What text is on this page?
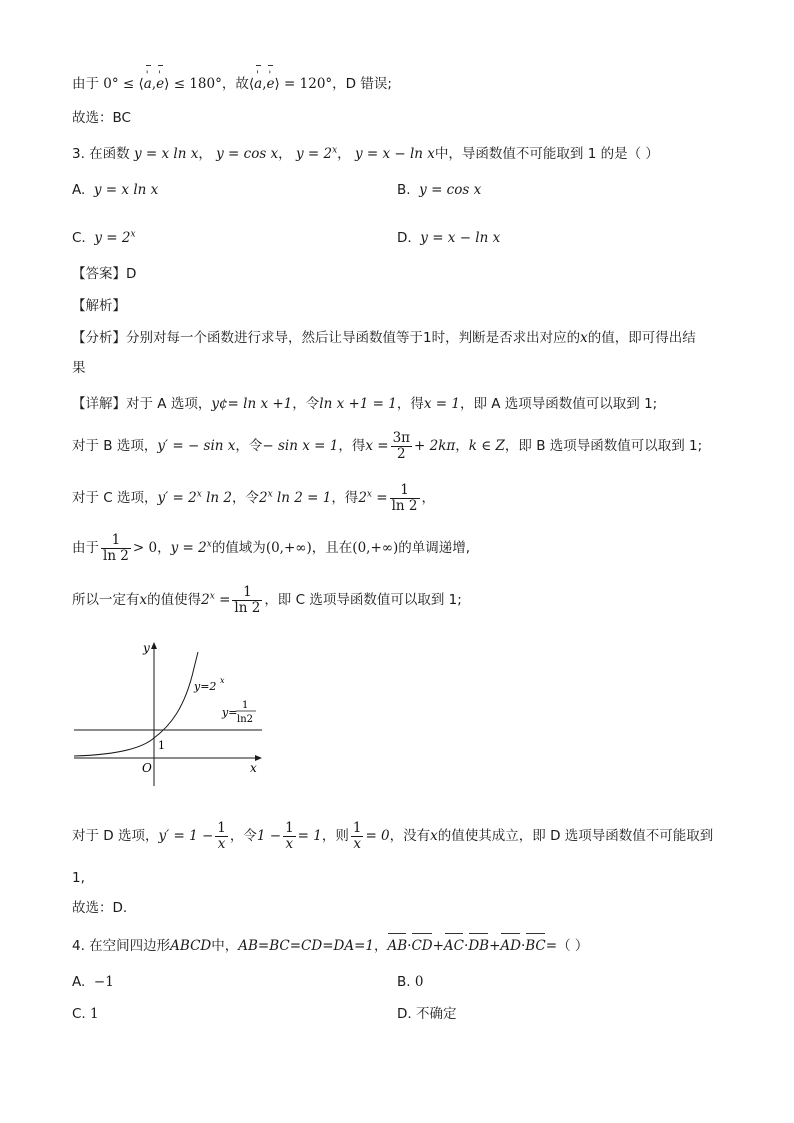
由于 0° ≤ ⟨' a,' e⟩ ≤ 180°，故⟨' a,' e⟩ = 120°，D 错误;
故选：BC
3. 在函数 y = x ln x， y = cos x， $y = 2^x$， y = x − ln x中，导函数值不可能取到 1 的是（ ）
A. y = x ln x	B. y = cos x
C. $y = 2^x$	D. y = x − ln x
【答案】D
【解析】
【分析】分别对每一个函数进行求导，然后让导函数值等于1时，判断是否求出对应的x的值，即可得出结
果
【详解】对于 A 选项，y¢= ln x +1，令ln x +1 = 1，得x = 1，即 A 选项导函数值可以取到 1;
对于 B 选项，y′ = − sin x，令− sin x = 1，得$x = \frac{3\pi}{2} + 2k\pi$，k ∈ Z，即 B 选项导函数值可以取到 1;
对于 C 选项，$y' = 2^x$ ln 2，令2$^x$ ln 2 = 1，得$2^x = \frac{1}{\ln 2}$ ，
由于 $\frac{1}{\ln 2} > 0$，$y = 2^x$的值域为(0,+∞)，且在(0,+∞)的单调递增,
所以一定有x的值使得$2^x = \frac{1}{\ln 2}$ ，即 C 选项导函数值可以取到 1;
y
x
O
1
y=2 x
y=
1
ln2
对于 D 选项，$y' = 1 - \frac{1}{x}$ ，令$1 - \frac{1}{x} = 1$，则 $\frac{1}{x} = 0$，没有x的值使其成立，即 D 选项导函数值不可能取到
1,
故选：D.
4. 在空间四边形ABCD中，AB=BC=CD=DA=1，AB·CD+AC·DB+AD·BC=（ ）
A. −1	B. 0
C. 1	D. 不确定
